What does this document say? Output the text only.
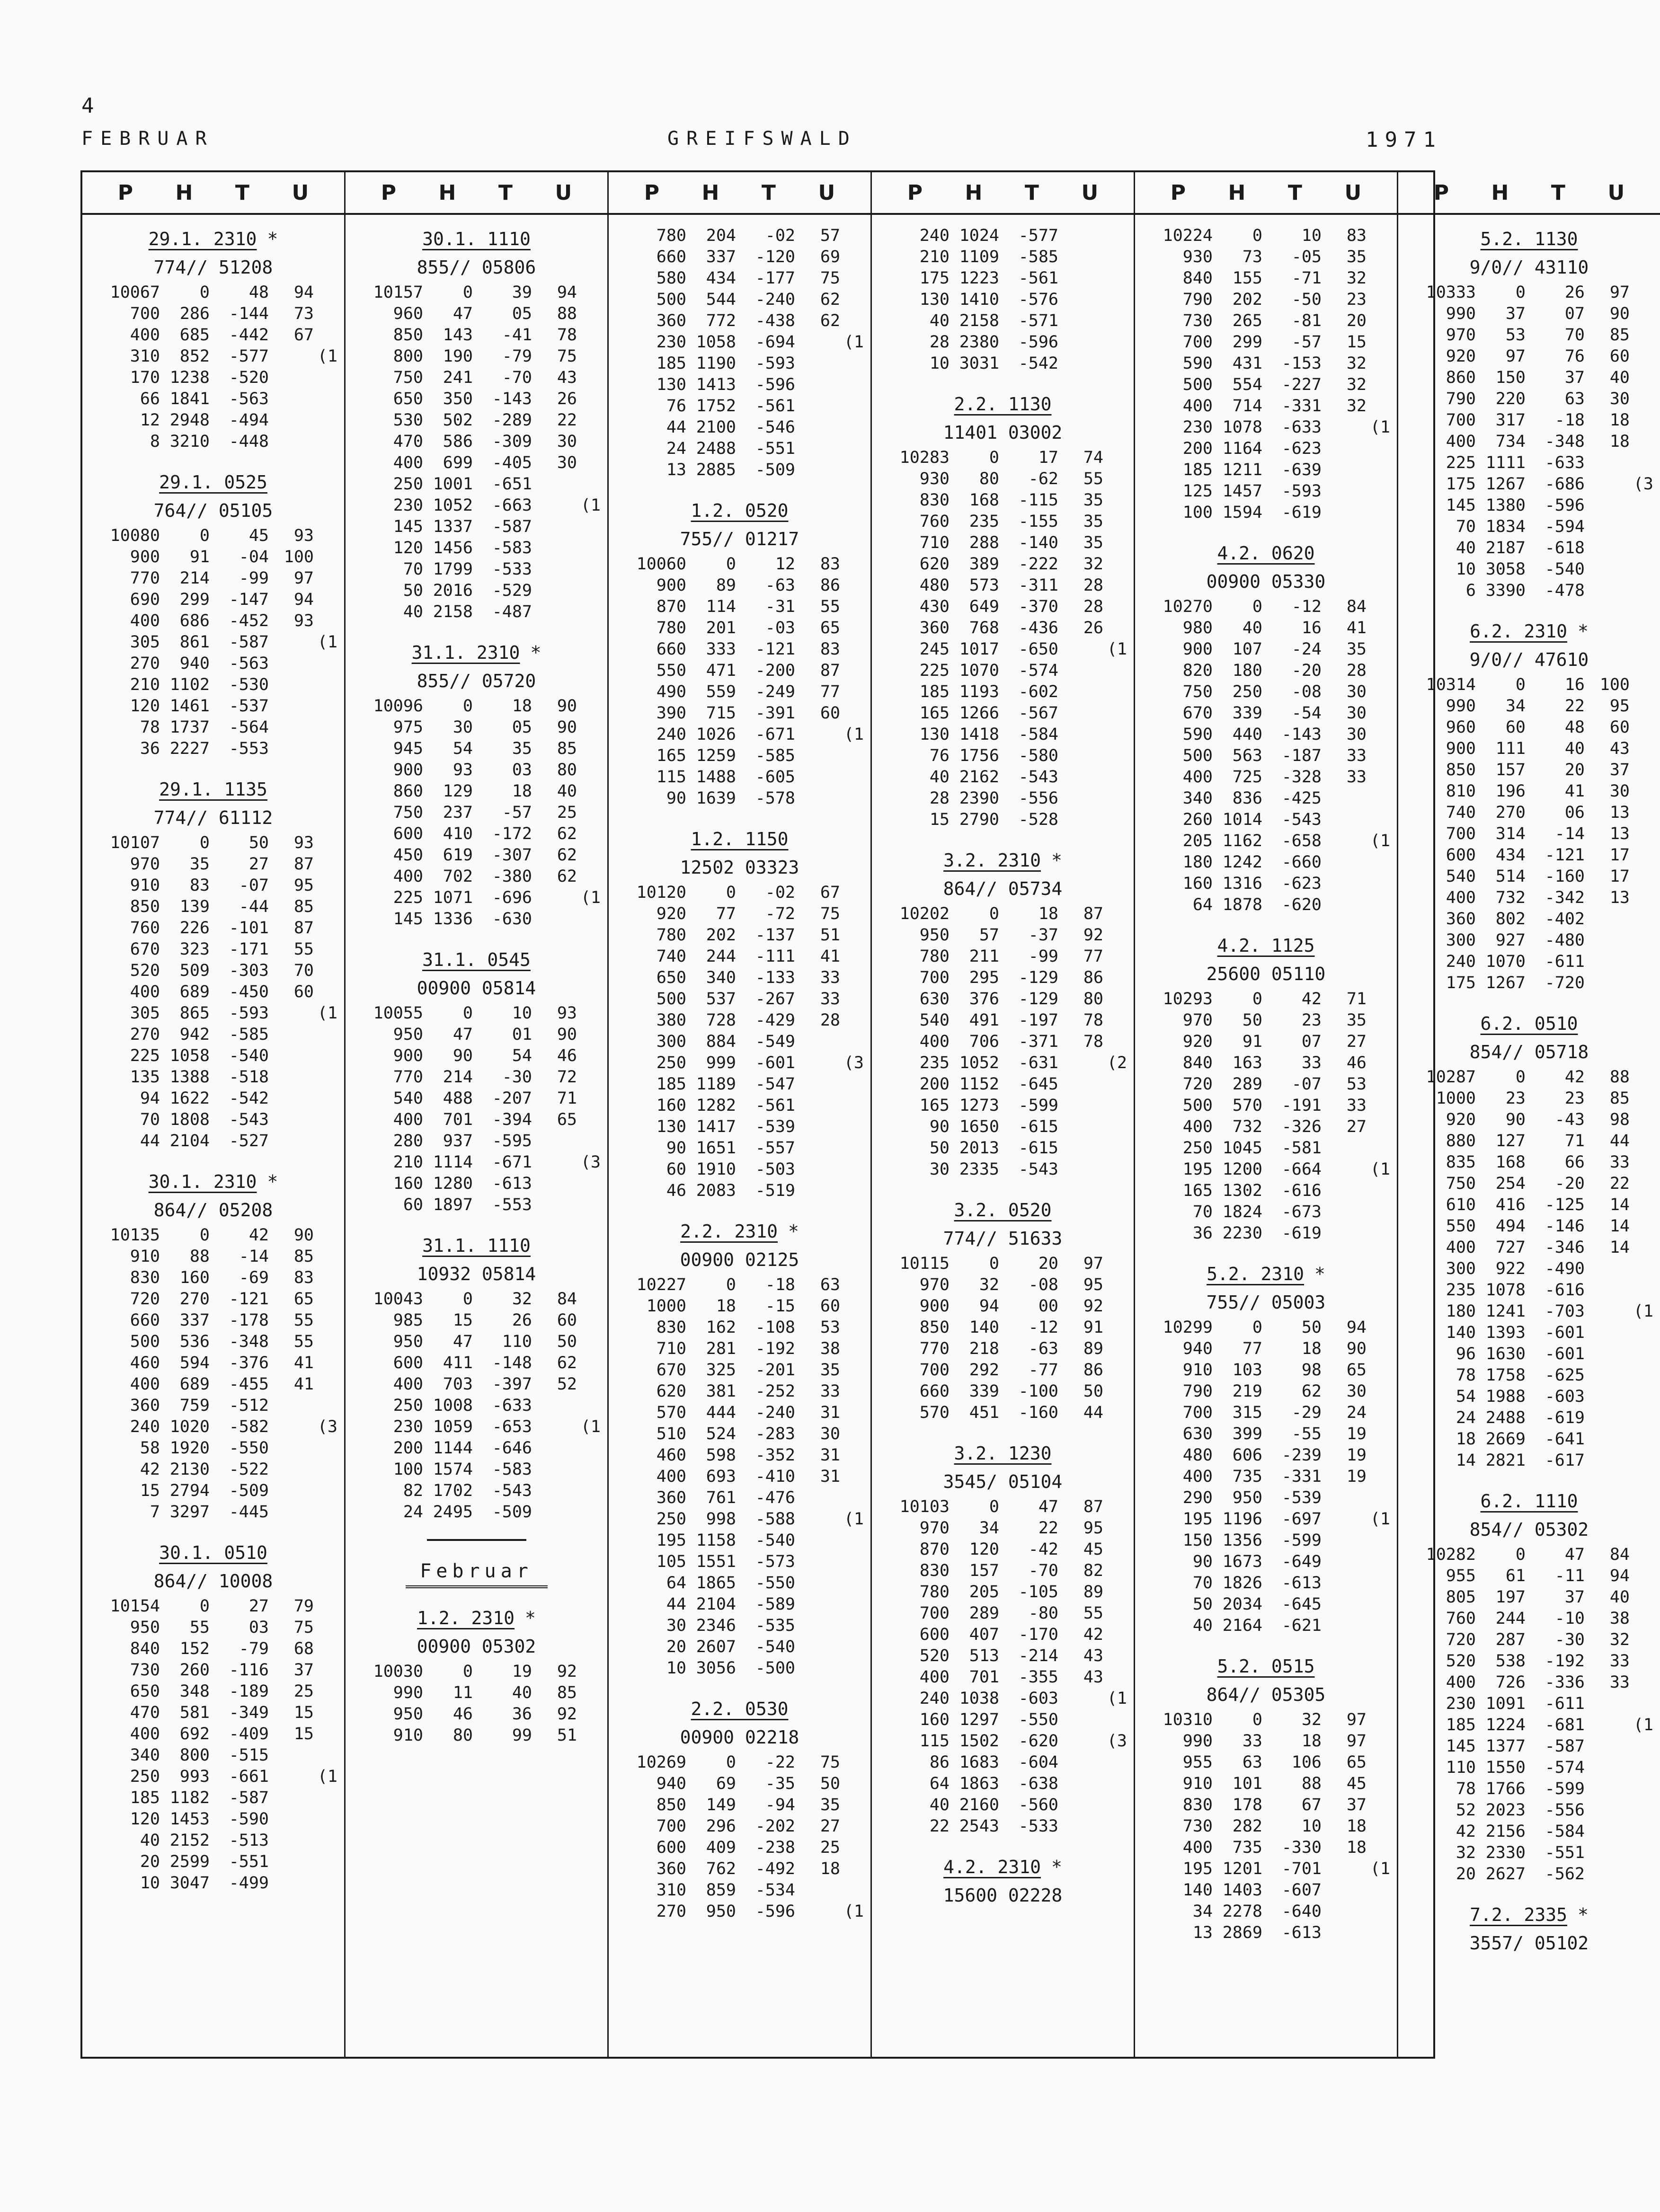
4
FEBRUAR	GREIFSWALD	1971
P H T U
29.1. 2310 *
774// 51208
10067 0 48 94
700 286 -144 73
400 685 -442 67
310 852 -577	(1
170 1238 -520
66 1841 -563
12 2948 -494
8 3210 -448
29.1. 0525
764// 05105
10080 0 45 93
900 91 -04 100
770 214 -99 97
690 299 -147 94
400 686 -452 93
305 861 -587	(1
270 940 -563
210 1102 -530
120 1461 -537
78 1737 -564
36 2227 -553
29.1. 1135
774// 61112
10107 0 50 93
970 35 27 87
910 83 -07 95
850 139 -44 85
760 226 -101 87
670 323 -171 55
520 509 -303 70
400 689 -450 60
305 865 -593	(1
270 942 -585
225 1058 -540
135 1388 -518
94 1622 -542
70 1808 -543
44 2104 -527
30.1. 2310 *
864// 05208
10135 0 42 90
910 88 -14 85
830 160 -69 83
720 270 -121 65
660 337 -178 55
500 536 -348 55
460 594 -376 41
400 689 -455 41
360 759 -512
240 1020 -582	(3
58 1920 -550
42 2130 -522
15 2794 -509
7 3297 -445
30.1. 0510
864// 10008
10154 0 27 79
950 55 03 75
840 152 -79 68
730 260 -116 37
650 348 -189 25
470 581 -349 15
400 692 -409 15
340 800 -515
250 993 -661	(1
185 1182 -587
120 1453 -590
40 2152 -513
20 2599 -551
10 3047 -499
P H T U
30.1. 1110
855// 05806
10157 0 39 94
960 47 05 88
850 143 -41 78
800 190 -79 75
750 241 -70 43
650 350 -143 26
530 502 -289 22
470 586 -309 30
400 699 -405 30
250 1001 -651
230 1052 -663	(1
145 1337 -587
120 1456 -583
70 1799 -533
50 2016 -529
40 2158 -487
31.1. 2310 *
855// 05720
10096 0 18 90
975 30 05 90
945 54 35 85
900 93 03 80
860 129 18 40
750 237 -57 25
600 410 -172 62
450 619 -307 62
400 702 -380 62
225 1071 -696	(1
145 1336 -630
31.1. 0545
00900 05814
10055 0 10 93
950 47 01 90
900 90 54 46
770 214 -30 72
540 488 -207 71
400 701 -394 65
280 937 -595
210 1114 -671	(3
160 1280 -613
60 1897 -553
31.1. 1110
10932 05814
10043 0 32 84
985 15 26 60
950 47 110 50
600 411 -148 62
400 703 -397 52
250 1008 -633
230 1059 -653	(1
200 1144 -646
100 1574 -583
82 1702 -543
24 2495 -509
Februar
1.2. 2310 *
00900 05302
10030 0 19 92
990 11 40 85
950 46 36 92
910 80 99 51
P H T U
780 204 -02 57
660 337 -120 69
580 434 -177 75
500 544 -240 62
360 772 -438 62
230 1058 -694	(1
185 1190 -593
130 1413 -596
76 1752 -561
44 2100 -546
24 2488 -551
13 2885 -509
1.2. 0520
755// 01217
10060 0 12 83
900 89 -63 86
870 114 -31 55
780 201 -03 65
660 333 -121 83
550 471 -200 87
490 559 -249 77
390 715 -391 60
240 1026 -671	(1
165 1259 -585
115 1488 -605
90 1639 -578
1.2. 1150
12502 03323
10120 0 -02 67
920 77 -72 75
780 202 -137 51
740 244 -111 41
650 340 -133 33
500 537 -267 33
380 728 -429 28
300 884 -549
250 999 -601	(3
185 1189 -547
160 1282 -561
130 1417 -539
90 1651 -557
60 1910 -503
46 2083 -519
2.2. 2310 *
00900 02125
10227 0 -18 63
1000 18 -15 60
830 162 -108 53
710 281 -192 38
670 325 -201 35
620 381 -252 33
570 444 -240 31
510 524 -283 30
460 598 -352 31
400 693 -410 31
360 761 -476
250 998 -588	(1
195 1158 -540
105 1551 -573
64 1865 -550
44 2104 -589
30 2346 -535
20 2607 -540
10 3056 -500
2.2. 0530
00900 02218
10269 0 -22 75
940 69 -35 50
850 149 -94 35
700 296 -202 27
600 409 -238 25
360 762 -492 18
310 859 -534
270 950 -596	(1
P H T U
240 1024 -577
210 1109 -585
175 1223 -561
130 1410 -576
40 2158 -571
28 2380 -596
10 3031 -542
2.2. 1130
11401 03002
10283 0 17 74
930 80 -62 55
830 168 -115 35
760 235 -155 35
710 288 -140 35
620 389 -222 32
480 573 -311 28
430 649 -370 28
360 768 -436 26
245 1017 -650	(1
225 1070 -574
185 1193 -602
165 1266 -567
130 1418 -584
76 1756 -580
40 2162 -543
28 2390 -556
15 2790 -528
3.2. 2310 *
864// 05734
10202 0 18 87
950 57 -37 92
780 211 -99 77
700 295 -129 86
630 376 -129 80
540 491 -197 78
400 706 -371 78
235 1052 -631	(2
200 1152 -645
165 1273 -599
90 1650 -615
50 2013 -615
30 2335 -543
3.2. 0520
774// 51633
10115 0 20 97
970 32 -08 95
900 94 00 92
850 140 -12 91
770 218 -63 89
700 292 -77 86
660 339 -100 50
570 451 -160 44
3.2. 1230
3545/ 05104
10103 0 47 87
970 34 22 95
870 120 -42 45
830 157 -70 82
780 205 -105 89
700 289 -80 55
600 407 -170 42
520 513 -214 43
400 701 -355 43
240 1038 -603	(1
160 1297 -550
115 1502 -620	(3
86 1683 -604
64 1863 -638
40 2160 -560
22 2543 -533
4.2. 2310 *
15600 02228
P H T U
10224 0 10 83
930 73 -05 35
840 155 -71 32
790 202 -50 23
730 265 -81 20
700 299 -57 15
590 431 -153 32
500 554 -227 32
400 714 -331 32
230 1078 -633	(1
200 1164 -623
185 1211 -639
125 1457 -593
100 1594 -619
4.2. 0620
00900 05330
10270 0 -12 84
980 40 16 41
900 107 -24 35
820 180 -20 28
750 250 -08 30
670 339 -54 30
590 440 -143 30
500 563 -187 33
400 725 -328 33
340 836 -425
260 1014 -543
205 1162 -658	(1
180 1242 -660
160 1316 -623
64 1878 -620
4.2. 1125
25600 05110
10293 0 42 71
970 50 23 35
920 91 07 27
840 163 33 46
720 289 -07 53
500 570 -191 33
400 732 -326 27
250 1045 -581
195 1200 -664	(1
165 1302 -616
70 1824 -673
36 2230 -619
5.2. 2310 *
755// 05003
10299 0 50 94
940 77 18 90
910 103 98 65
790 219 62 30
700 315 -29 24
630 399 -55 19
480 606 -239 19
400 735 -331 19
290 950 -539
195 1196 -697	(1
150 1356 -599
90 1673 -649
70 1826 -613
50 2034 -645
40 2164 -621
5.2. 0515
864// 05305
10310 0 32 97
990 33 18 97
955 63 106 65
910 101 88 45
830 178 67 37
730 282 10 18
400 735 -330 18
195 1201 -701	(1
140 1403 -607
34 2278 -640
13 2869 -613
P H T U
5.2. 1130
9/0// 43110
10333 0 26 97
990 37 07 90
970 53 70 85
920 97 76 60
860 150 37 40
790 220 63 30
700 317 -18 18
400 734 -348 18
225 1111 -633
175 1267 -686	(3
145 1380 -596
70 1834 -594
40 2187 -618
10 3058 -540
6 3390 -478
6.2. 2310 *
9/0// 47610
10314 0 16 100
990 34 22 95
960 60 48 60
900 111 40 43
850 157 20 37
810 196 41 30
740 270 06 13
700 314 -14 13
600 434 -121 17
540 514 -160 17
400 732 -342 13
360 802 -402
300 927 -480
240 1070 -611
175 1267 -720
6.2. 0510
854// 05718
10287 0 42 88
1000 23 23 85
920 90 -43 98
880 127 71 44
835 168 66 33
750 254 -20 22
610 416 -125 14
550 494 -146 14
400 727 -346 14
300 922 -490
235 1078 -616
180 1241 -703	(1
140 1393 -601
96 1630 -601
78 1758 -625
54 1988 -603
24 2488 -619
18 2669 -641
14 2821 -617
6.2. 1110
854// 05302
10282 0 47 84
955 61 -11 94
805 197 37 40
760 244 -10 38
720 287 -30 32
520 538 -192 33
400 726 -336 33
230 1091 -611
185 1224 -681	(1
145 1377 -587
110 1550 -574
78 1766 -599
52 2023 -556
42 2156 -584
32 2330 -551
20 2627 -562
7.2. 2335 *
3557/ 05102
